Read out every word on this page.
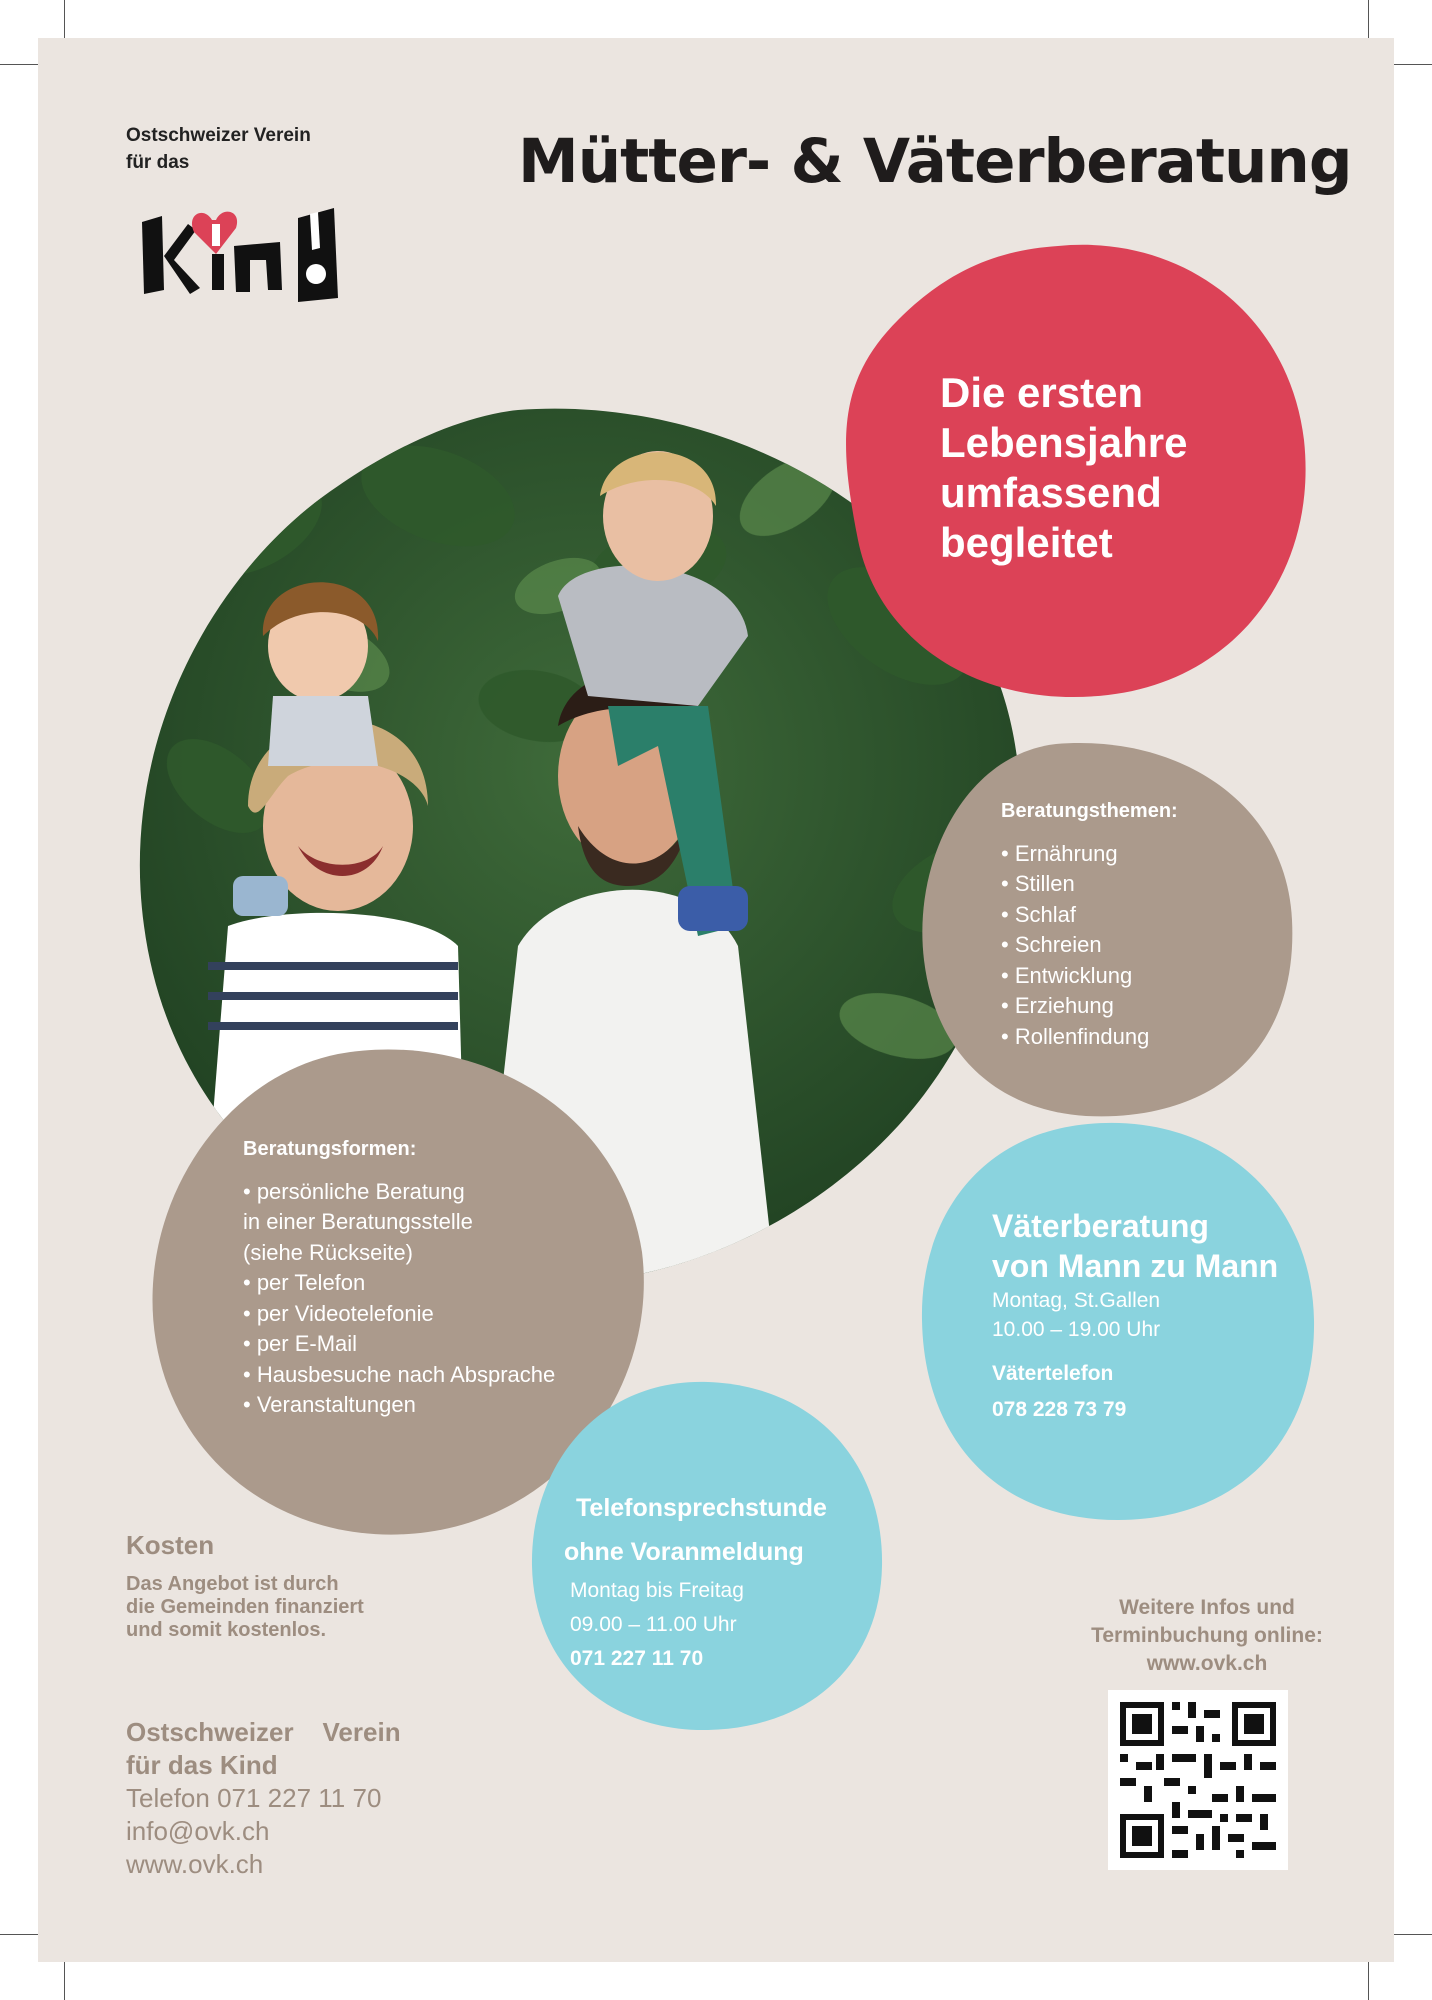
Ostschweizer Verein
für das	Mütter- & Väterberatung
Die ersten
Lebensjahre
umfassend
begleitet
Beratungsthemen:
• Ernährung
• Stillen
• Schlaf
• Schreien
• Entwicklung
• Erziehung
• Rollenfindung
Beratungsformen:
• persönliche Beratung
in einer Beratungsstelle
(siehe Rückseite)
• per Telefon
• per Videotelefonie
• per E-Mail
• Hausbesuche nach Absprache
• Veranstaltungen
Väterberatung
von Mann zu Mann
Montag, St.Gallen
10.00 – 19.00 Uhr
Vätertelefon
078 228 73 79
Telefonsprechstunde
ohne Voranmeldung
Montag bis Freitag
09.00 – 11.00 Uhr
071 227 11 70
Kosten
Das Angebot ist durch
die Gemeinden finanziert
und somit kostenlos.
Ostschweizer    Verein
für das Kind
Telefon 071 227 11 70
info@ovk.ch
www.ovk.ch
Weitere Infos und
Terminbuchung online:
www.ovk.ch
